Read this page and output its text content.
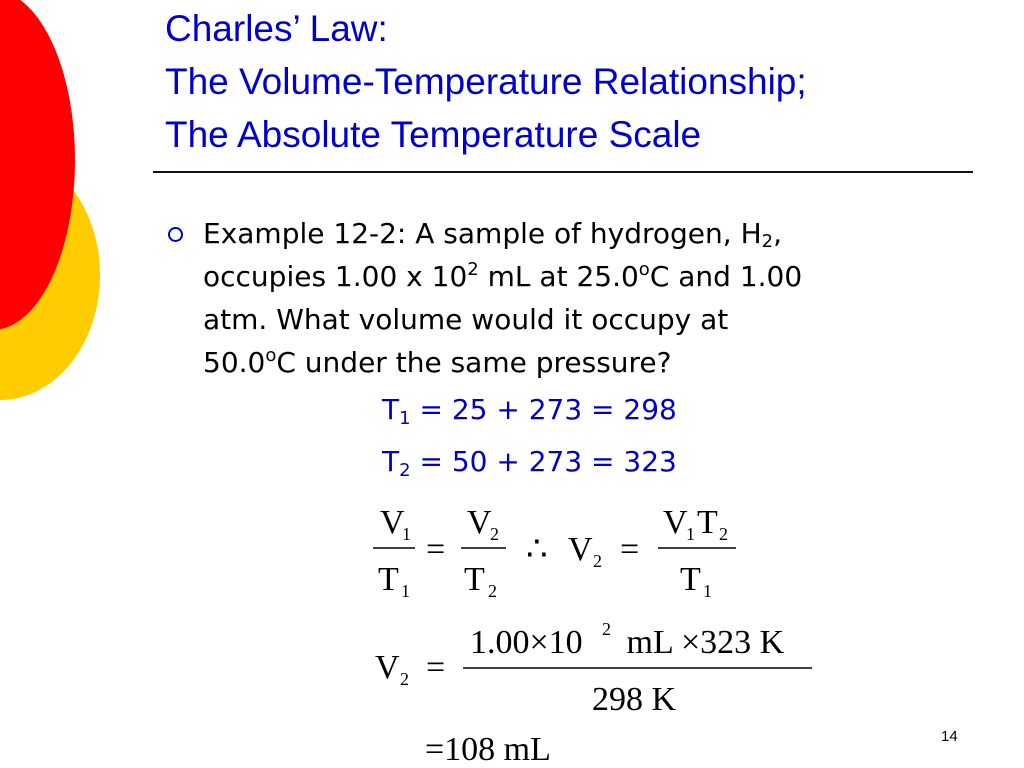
Charles’ Law:
The Volume-Temperature Relationship;
The Absolute Temperature Scale
Example 12-2: A sample of hydrogen, $H_2$,
occupies 1.00 x $10^2$ mL at 25.0$^o$C and 1.00
atm. What volume would it occupy at
50.0$^o$C under the same pressure?
$T_1 = 25 + 273 = 298$
$T_2 = 50 + 273 = 323$
V
1
T 1
=
V
2
T 2
∴ V 2 =
V
1 T 2
T 1
V 2 =
1.00×10 2 mL ×323 K
298 K
=108 mL	14
